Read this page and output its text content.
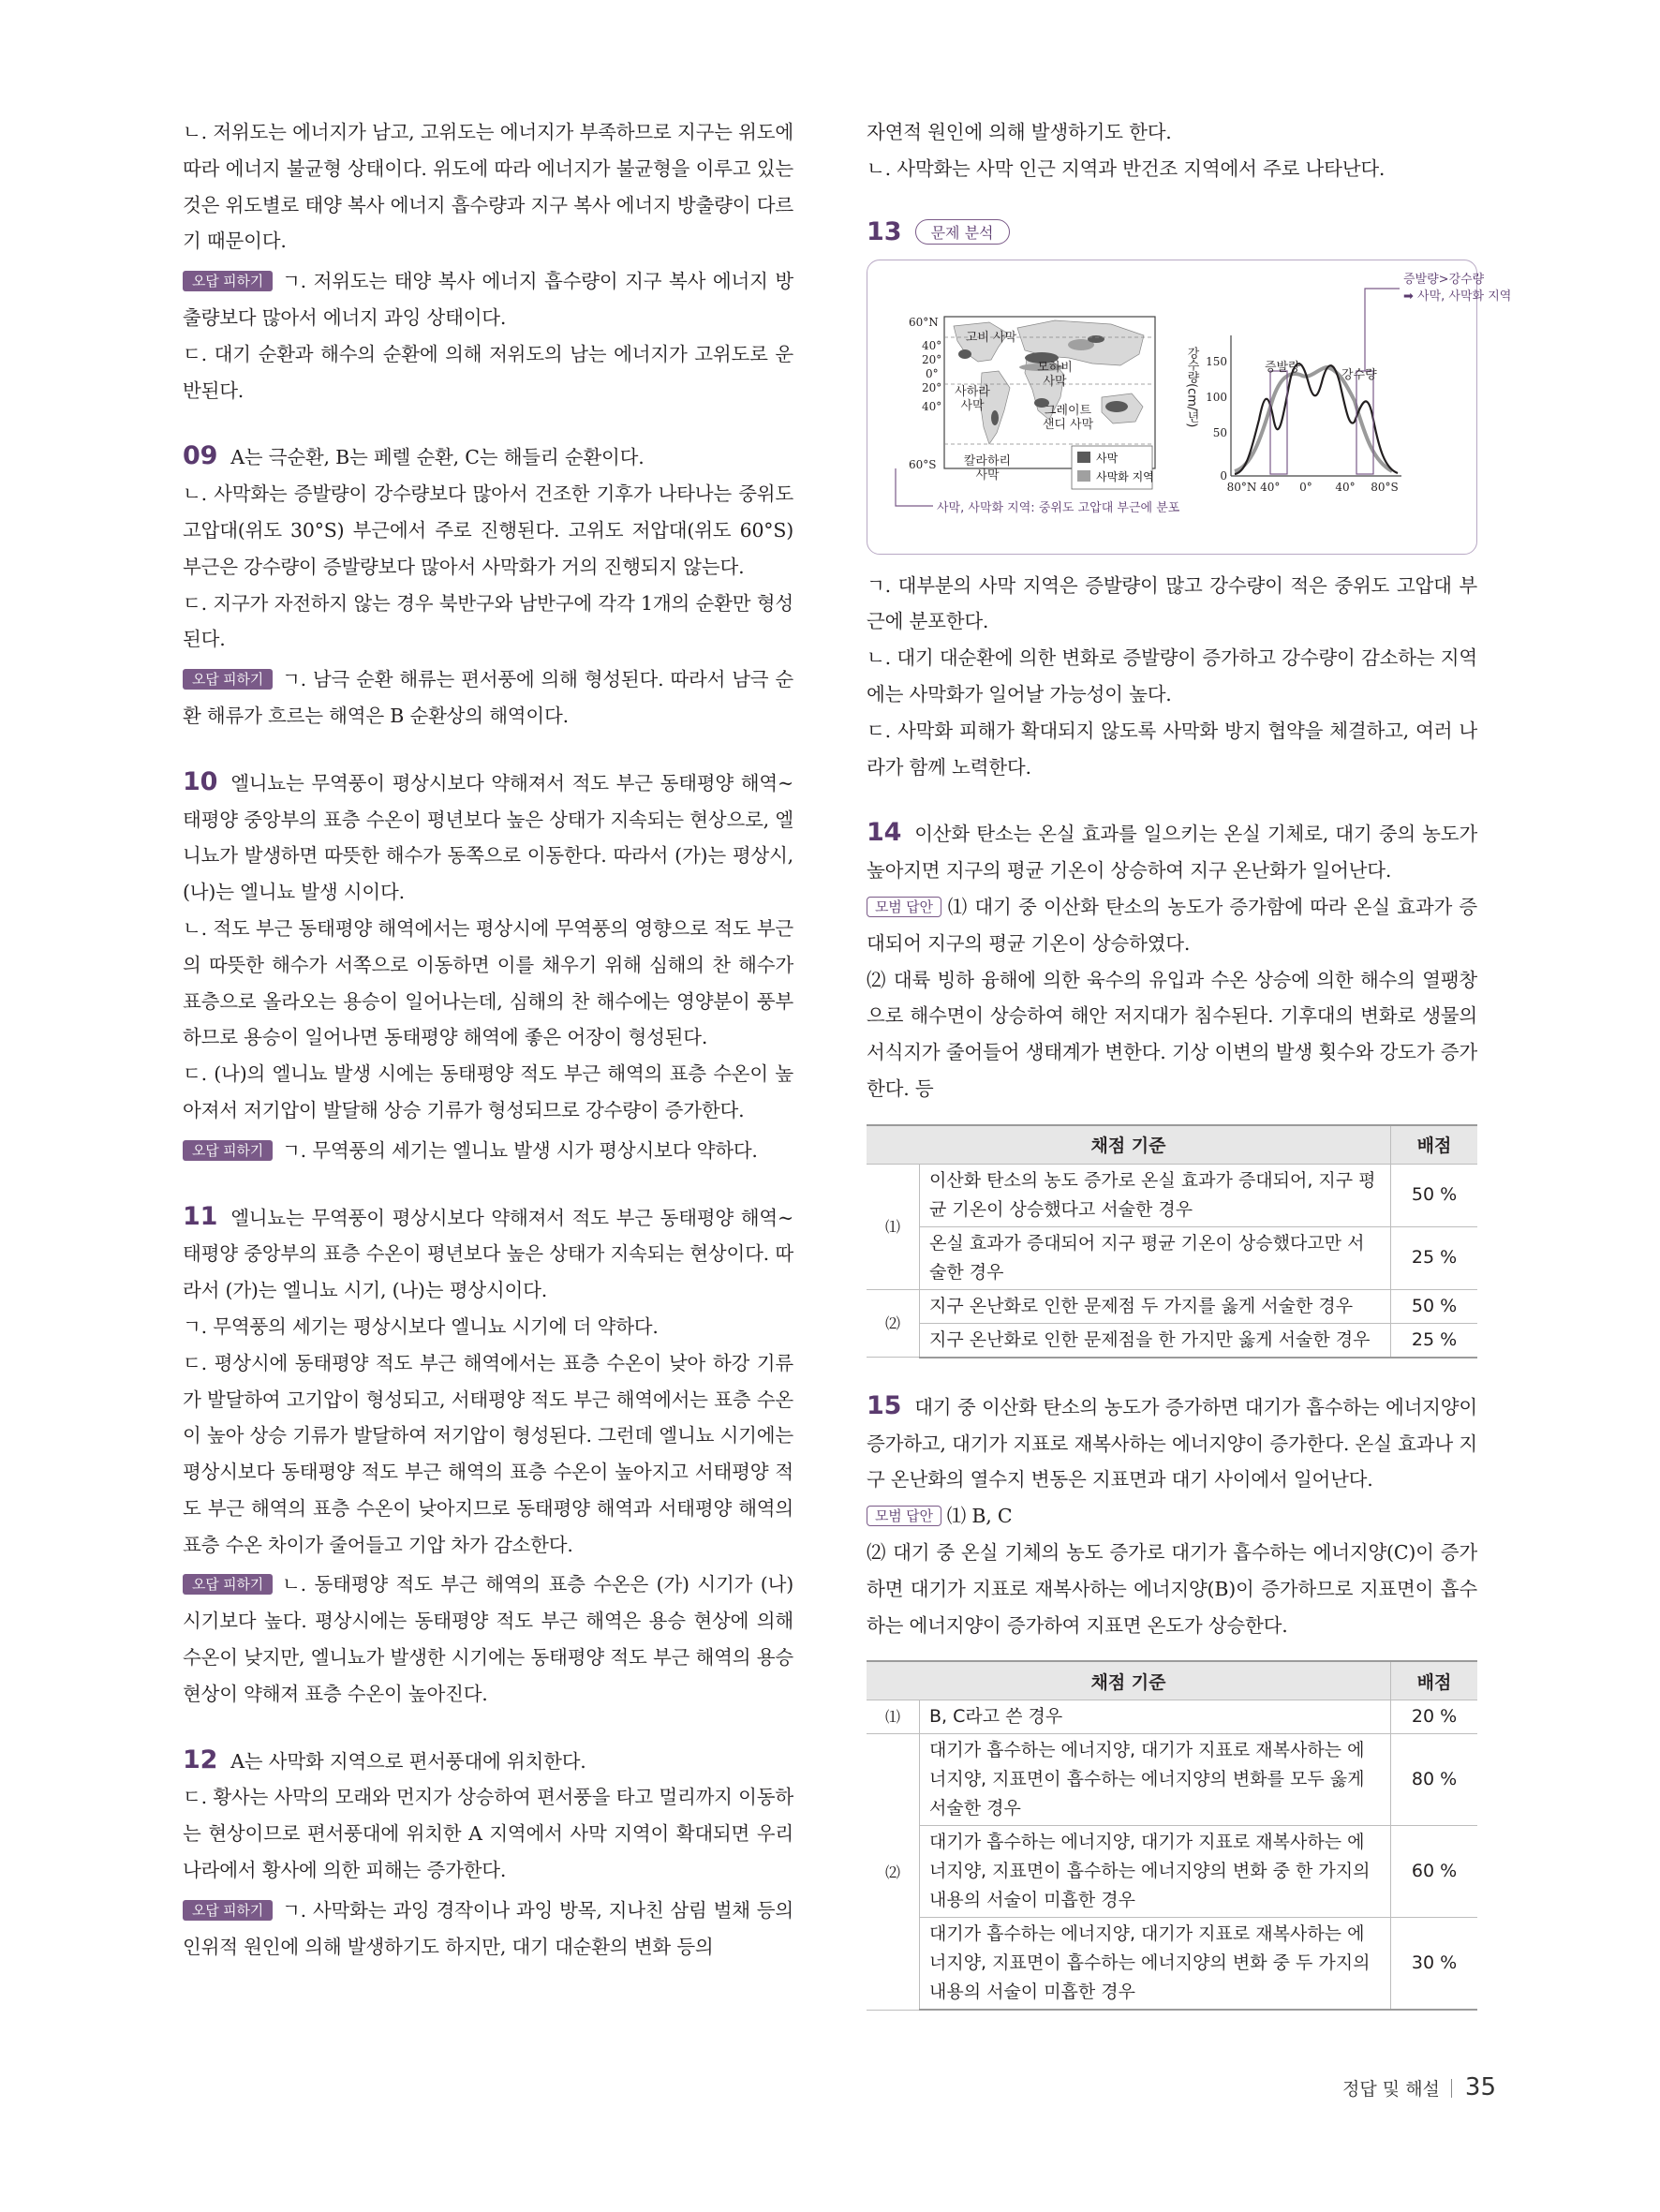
ㄴ. 저위도는 에너지가 남고, 고위도는 에너지가 부족하므로 지구는 위도에 따라 에너지 불균형 상태이다. 위도에 따라 에너지가 불균형을 이루고 있는 것은 위도별로 태양 복사 에너지 흡수량과 지구 복사 에너지 방출량이 다르기 때문이다.

오답 피하기 ㄱ. 저위도는 태양 복사 에너지 흡수량이 지구 복사 에너지 방출량보다 많아서 에너지 과잉 상태이다.

ㄷ. 대기 순환과 해수의 순환에 의해 저위도의 남는 에너지가 고위도로 운반된다.

09 A는 극순환, B는 페렐 순환, C는 해들리 순환이다.

ㄴ. 사막화는 증발량이 강수량보다 많아서 건조한 기후가 나타나는 중위도 고압대(위도 30°S) 부근에서 주로 진행된다. 고위도 저압대(위도 60°S) 부근은 강수량이 증발량보다 많아서 사막화가 거의 진행되지 않는다.

ㄷ. 지구가 자전하지 않는 경우 북반구와 남반구에 각각 1개의 순환만 형성된다.

오답 피하기 ㄱ. 남극 순환 해류는 편서풍에 의해 형성된다. 따라서 남극 순환 해류가 흐르는 해역은 B 순환상의 해역이다.

10 엘니뇨는 무역풍이 평상시보다 약해져서 적도 부근 동태평양 해역~태평양 중앙부의 표층 수온이 평년보다 높은 상태가 지속되는 현상으로, 엘니뇨가 발생하면 따뜻한 해수가 동쪽으로 이동한다. 따라서 (가)는 평상시, (나)는 엘니뇨 발생 시이다.

ㄴ. 적도 부근 동태평양 해역에서는 평상시에 무역풍의 영향으로 적도 부근의 따뜻한 해수가 서쪽으로 이동하면 이를 채우기 위해 심해의 찬 해수가 표층으로 올라오는 용승이 일어나는데, 심해의 찬 해수에는 영양분이 풍부하므로 용승이 일어나면 동태평양 해역에 좋은 어장이 형성된다.

ㄷ. (나)의 엘니뇨 발생 시에는 동태평양 적도 부근 해역의 표층 수온이 높아져서 저기압이 발달해 상승 기류가 형성되므로 강수량이 증가한다.

오답 피하기 ㄱ. 무역풍의 세기는 엘니뇨 발생 시가 평상시보다 약하다.

11 엘니뇨는 무역풍이 평상시보다 약해져서 적도 부근 동태평양 해역~태평양 중앙부의 표층 수온이 평년보다 높은 상태가 지속되는 현상이다. 따라서 (가)는 엘니뇨 시기, (나)는 평상시이다.

ㄱ. 무역풍의 세기는 평상시보다 엘니뇨 시기에 더 약하다.

ㄷ. 평상시에 동태평양 적도 부근 해역에서는 표층 수온이 낮아 하강 기류가 발달하여 고기압이 형성되고, 서태평양 적도 부근 해역에서는 표층 수온이 높아 상승 기류가 발달하여 저기압이 형성된다. 그런데 엘니뇨 시기에는 평상시보다 동태평양 적도 부근 해역의 표층 수온이 높아지고 서태평양 적도 부근 해역의 표층 수온이 낮아지므로 동태평양 해역과 서태평양 해역의 표층 수온 차이가 줄어들고 기압 차가 감소한다.

오답 피하기 ㄴ. 동태평양 적도 부근 해역의 표층 수온은 (가) 시기가 (나) 시기보다 높다. 평상시에는 동태평양 적도 부근 해역은 용승 현상에 의해 수온이 낮지만, 엘니뇨가 발생한 시기에는 동태평양 적도 부근 해역의 용승 현상이 약해져 표층 수온이 높아진다.

12 A는 사막화 지역으로 편서풍대에 위치한다.

ㄷ. 황사는 사막의 모래와 먼지가 상승하여 편서풍을 타고 멀리까지 이동하는 현상이므로 편서풍대에 위치한 A 지역에서 사막 지역이 확대되면 우리나라에서 황사에 의한 피해는 증가한다.

오답 피하기 ㄱ. 사막화는 과잉 경작이나 과잉 방목, 지나친 삼림 벌채 등의 인위적 원인에 의해 발생하기도 하지만, 대기 대순환의 변화 등의

자연적 원인에 의해 발생하기도 한다.

ㄴ. 사막화는 사막 인근 지역과 반건조 지역에서 주로 나타난다.

13	문제 분석
60°N
40°
20°
0°
20°
40°
60°S
고비 사막
모하비
사막
사하라
사막	그레이트
샌디 사막
칼라하리
사막
사막
사막화 지역
사막, 사막화 지역: 중위도 고압대 부근에 분포
강수량(cm/년) 150
100
50
0
80°N 40° 0° 40° 80°S
증발량
강수량
증발량>강수량
➡ 사막, 사막화 지역

ㄱ. 대부분의 사막 지역은 증발량이 많고 강수량이 적은 중위도 고압대 부근에 분포한다.

ㄴ. 대기 대순환에 의한 변화로 증발량이 증가하고 강수량이 감소하는 지역에는 사막화가 일어날 가능성이 높다.

ㄷ. 사막화 피해가 확대되지 않도록 사막화 방지 협약을 체결하고, 여러 나라가 함께 노력한다.

14 이산화 탄소는 온실 효과를 일으키는 온실 기체로, 대기 중의 농도가 높아지면 지구의 평균 기온이 상승하여 지구 온난화가 일어난다.

모범 답안 ⑴ 대기 중 이산화 탄소의 농도가 증가함에 따라 온실 효과가 증대되어 지구의 평균 기온이 상승하였다.

⑵ 대륙 빙하 융해에 의한 육수의 유입과 수온 상승에 의한 해수의 열팽창으로 해수면이 상승하여 해안 저지대가 침수된다. 기후대의 변화로 생물의 서식지가 줄어들어 생태계가 변한다. 기상 이변의 발생 횟수와 강도가 증가한다. 등

채점 기준		배점
⑴	이산화 탄소의 농도 증가로 온실 효과가 증대되어, 지구 평균 기온이 상승했다고 서술한 경우	50 %
	온실 효과가 증대되어 지구 평균 기온이 상승했다고만 서술한 경우	25 %
⑵	지구 온난화로 인한 문제점 두 가지를 옳게 서술한 경우	50 %
	지구 온난화로 인한 문제점을 한 가지만 옳게 서술한 경우	25 %

15 대기 중 이산화 탄소의 농도가 증가하면 대기가 흡수하는 에너지양이 증가하고, 대기가 지표로 재복사하는 에너지양이 증가한다. 온실 효과나 지구 온난화의 열수지 변동은 지표면과 대기 사이에서 일어난다.

모범 답안 ⑴ B, C

⑵ 대기 중 온실 기체의 농도 증가로 대기가 흡수하는 에너지양(C)이 증가하면 대기가 지표로 재복사하는 에너지양(B)이 증가하므로 지표면이 흡수하는 에너지양이 증가하여 지표면 온도가 상승한다.

채점 기준		배점
⑴	B, C라고 쓴 경우	20 %
⑵	대기가 흡수하는 에너지양, 대기가 지표로 재복사하는 에너지양, 지표면이 흡수하는 에너지양의 변화를 모두 옳게 서술한 경우	80 %
	대기가 흡수하는 에너지양, 대기가 지표로 재복사하는 에너지양, 지표면이 흡수하는 에너지양의 변화 중 한 가지의 내용의 서술이 미흡한 경우	60 %
	대기가 흡수하는 에너지양, 대기가 지표로 재복사하는 에너지양, 지표면이 흡수하는 에너지양의 변화 중 두 가지의 내용의 서술이 미흡한 경우	30 %
정답 및 해설 35
